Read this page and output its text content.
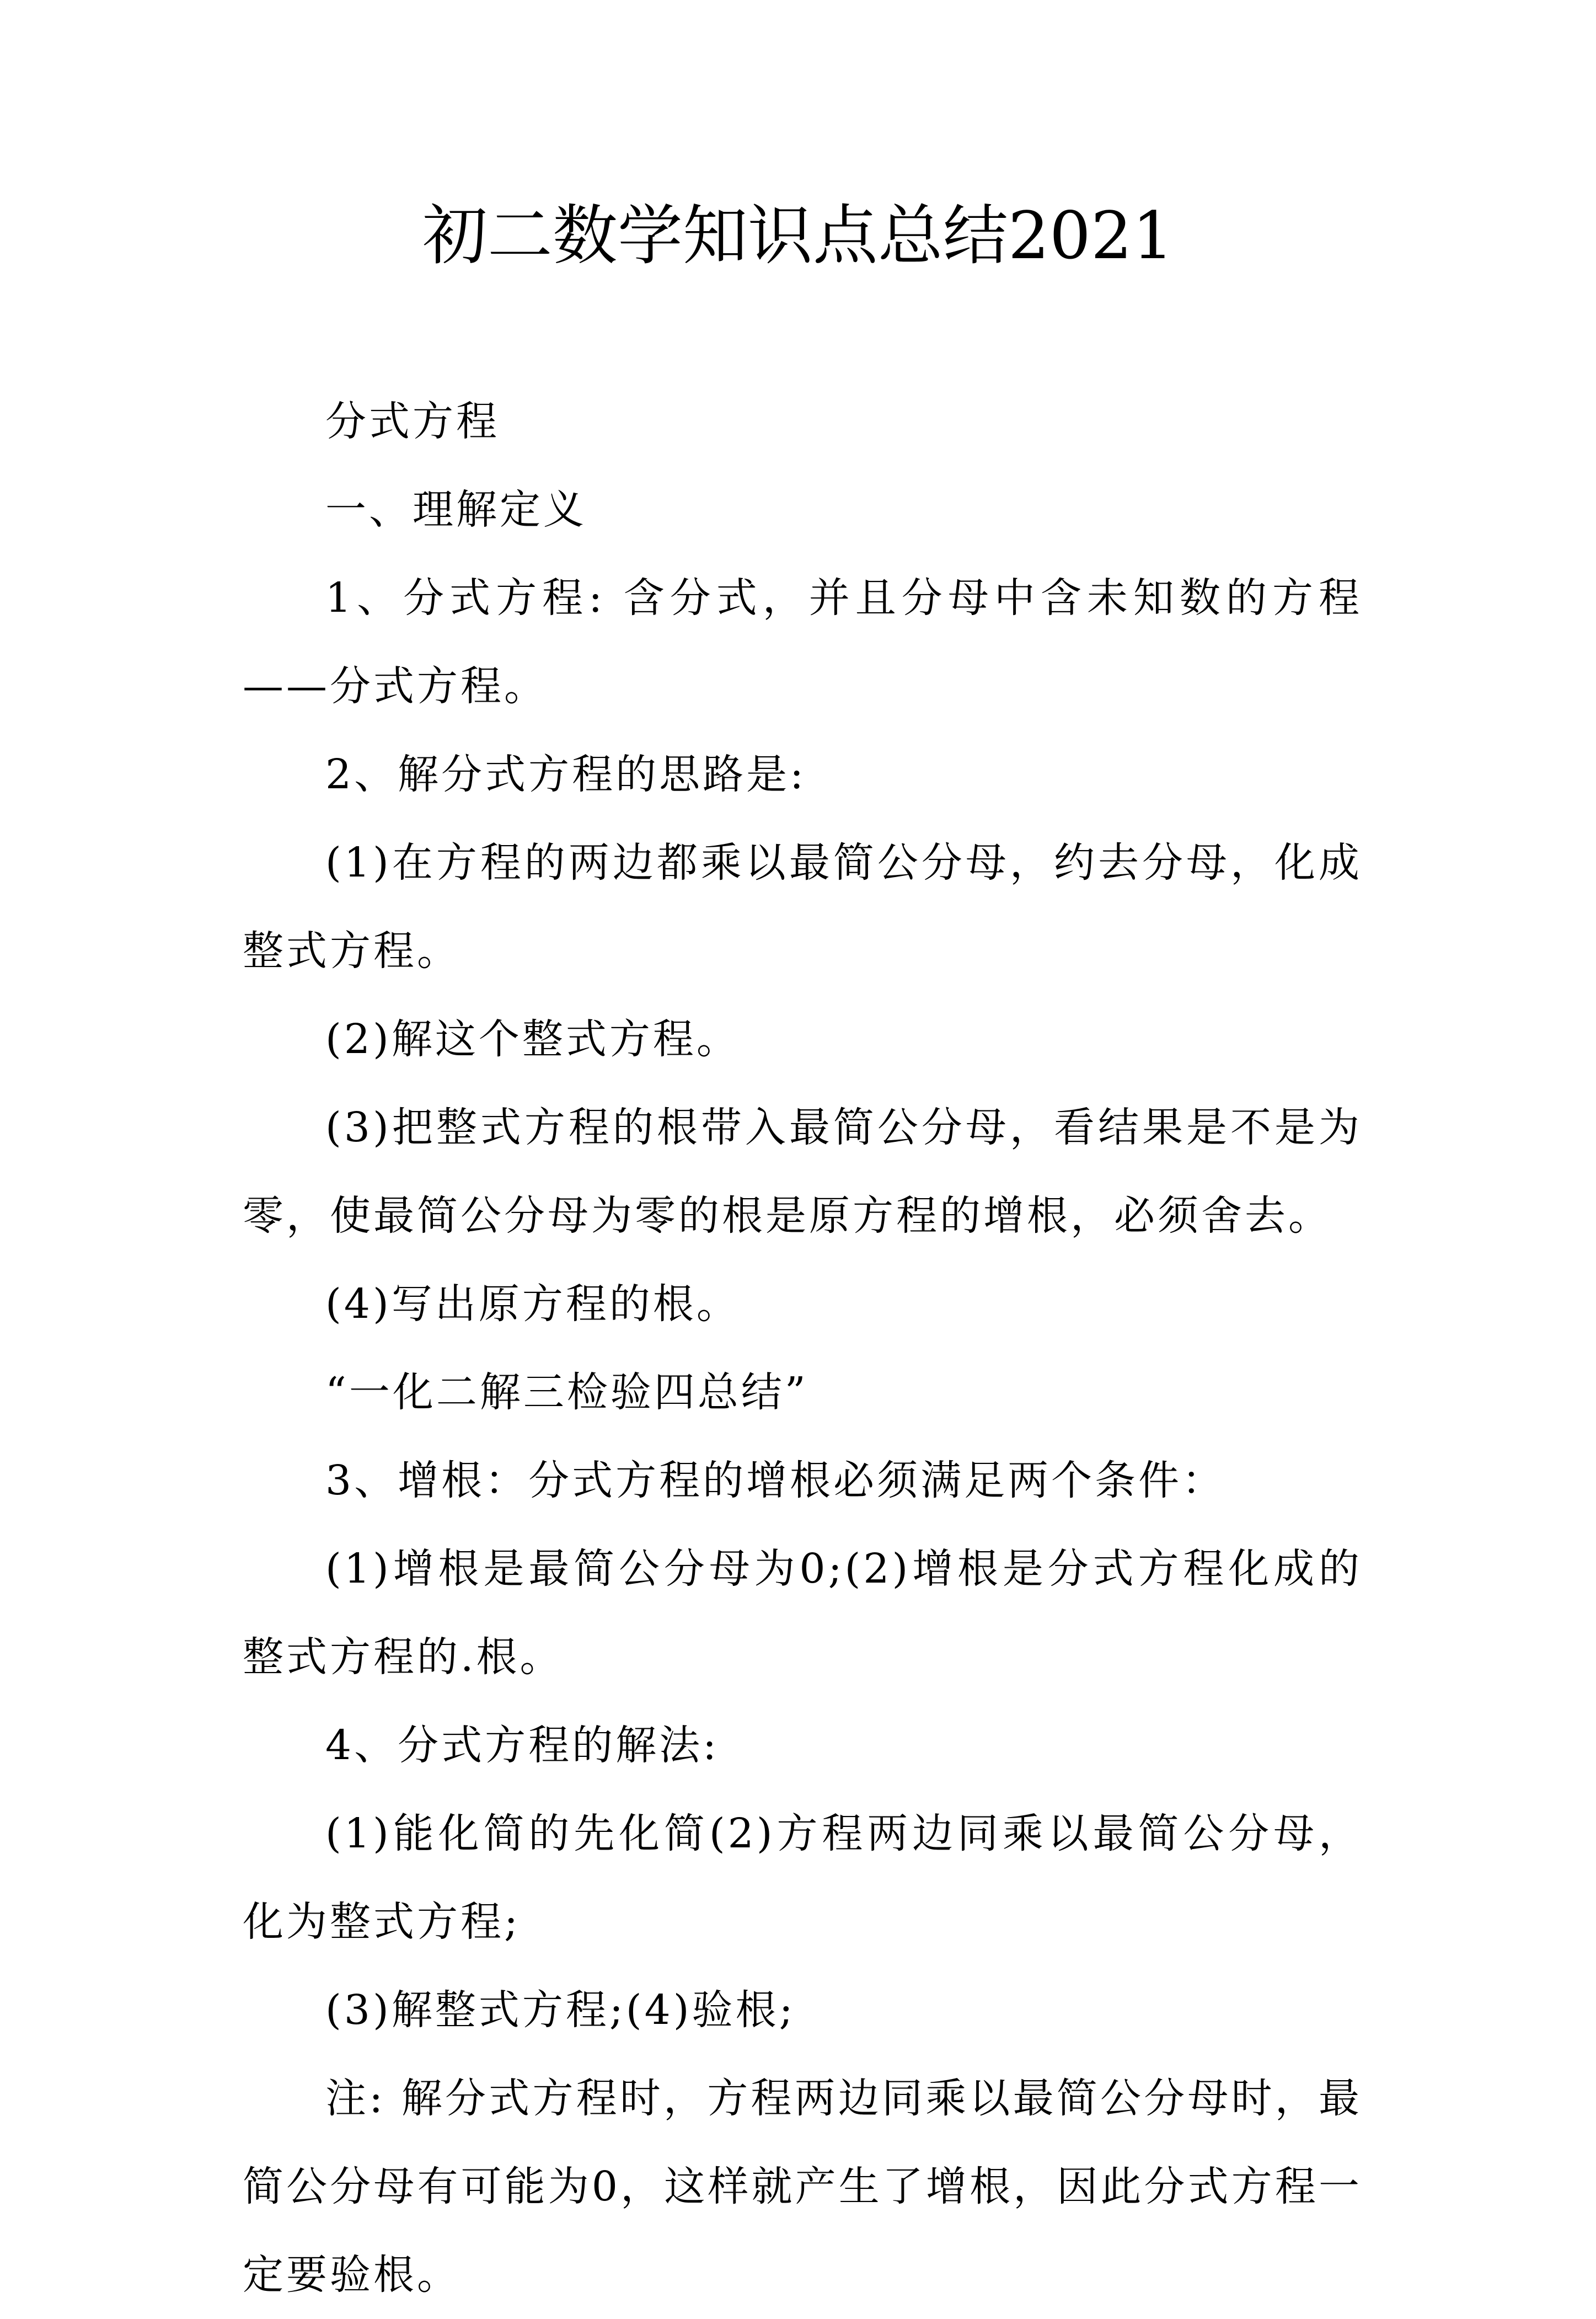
初二数学知识点总结2021

分式方程

一、理解定义

1、分式方程: 含分式，并且分母中含未知数的方程——分式方程。

2、解分式方程的思路是:

(1)在方程的两边都乘以最简公分母，约去分母，化成整式方程。

(2)解这个整式方程。

(3)把整式方程的根带入最简公分母，看结果是不是为零，使最简公分母为零的根是原方程的增根，必须舍去。

(4)写出原方程的根。

“一化二解三检验四总结”

3、增根：分式方程的增根必须满足两个条件：

(1)增根是最简公分母为0;(2)增根是分式方程化成的整式方程的.根。

4、分式方程的解法:

(1)能化简的先化简(2)方程两边同乘以最简公分母，化为整式方程;

(3)解整式方程;(4)验根;

注: 解分式方程时，方程两边同乘以最简公分母时，最简公分母有可能为0，这样就产生了增根，因此分式方程一定要验根。
